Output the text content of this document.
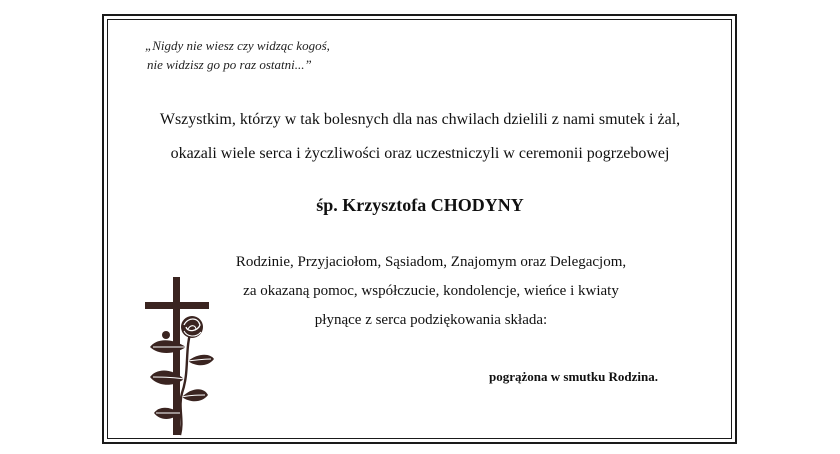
„Nigdy nie wiesz czy widząc kogoś,
nie widzisz go po raz ostatni...”
Wszystkim, którzy w tak bolesnych dla nas chwilach dzielili z nami smutek i żal,
okazali wiele serca i życzliwości oraz uczestniczyli w ceremonii pogrzebowej
śp. Krzysztofa CHODYNY
Rodzinie, Przyjaciołom, Sąsiadom, Znajomym oraz Delegacjom,
za okazaną pomoc, współczucie, kondolencje, wieńce i kwiaty
płynące z serca podziękowania składa:
pogrążona w smutku Rodzina.
